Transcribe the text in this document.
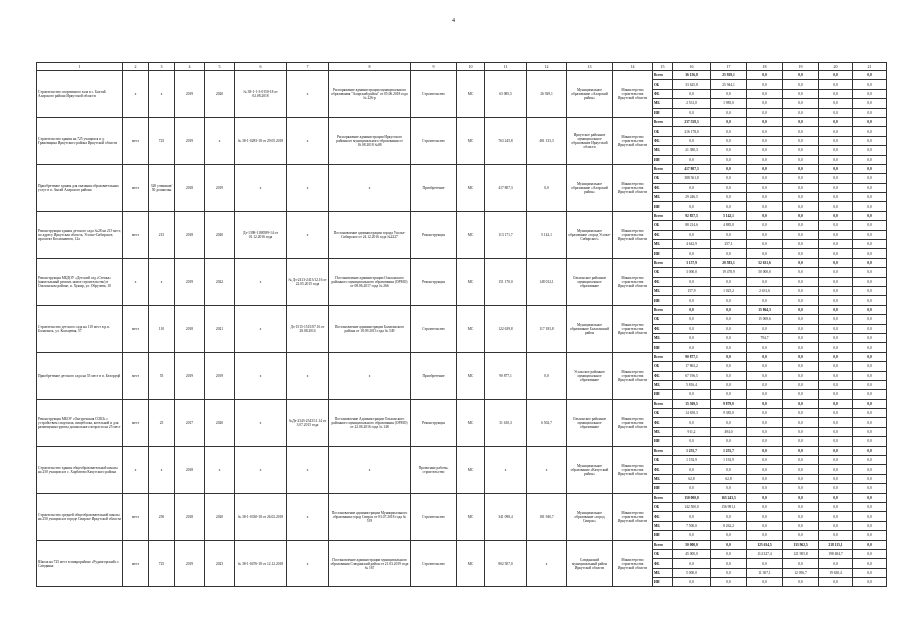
4
1	2	3	4	5	6	7	8	9	10	11	12	13	14	15	16	17	18	19	20	21
Строительство спортивного зала в с. Бахтай Аларского района Иркутской области	х	х	2019	2020	№ 38-1-1-3-0150-18 от 02.08.2018	х	Распоряжение администрации муниципального образования "Аларский район" от 05.06.2018 года № 226-р	Строительство	МС	63 085,5	26 929,1	Муниципальное образование «Аларский район»	Министерство строительства Иркутской области	Всего	36 156,8	25 929,1	0,0	0,0	0,0	0,0
														ОБ	33 625,8	25 944,1	0,0	0,0	0,0	0,0
														ФБ	0,0	0,0	0,0	0,0	0,0	0,0
														МБ	2 531,0	1 985,0	0,0	0,0	0,0	0,0
														ИИ	0,0	0,0	0,0	0,0	0,0	0,0
Строительство здания на 725 учащихся в д. Грановщина Иркутского района Иркутской области	мест	725	2019	х	№ 38-1-0283-18 от 29.05.2018	х	Распоряжение администрации Иркутского районного муниципального образования от 16.08.2018 №88	Строительство	МС	763 245,8	481 133,3	Иркутское районное муниципальное образование Иркутской области	Министерство строительства Иркутской области	Всего	237 558,3	0,0	0,0	0,0	0,0	0,0
														ОБ	216 178,0	0,0	0,0	0,0	0,0	0,0
														ФБ	0,0	0,0	0,0	0,0	0,0	0,0
														МБ	21 380,3	0,0	0,0	0,0	0,0	0,0
														ИИ	0,0	0,0	0,0	0,0	0,0	0,0
Приобретение здания для оказания образовательных услуг в п. Ангай Аларского района	мест	320 учеников/ 50 дошкольн	2018	2019	х	х	х	Приобретение	МС	417 807,3	0,0	Муниципальное образование «Аларский район»	Министерство строительства Иркутской области	Всего	417 807,3	0,0	0,0	0,0	0,0	0,0
														ОБ	388 561,8	0,0	0,0	0,0	0,0	0,0
														ФБ	0,0	0,0	0,0	0,0	0,0	0,0
														МБ	29 246,5	0,0	0,0	0,0	0,0	0,0
														ИИ	0,0	0,0	0,0	0,0	0,0	0,0
Реконструкция здания детского сада №28 на 215 мест, по адресу Иркутская область, Усолье-Сибирское, проспект Космонавтов, 12а	мест	215	2018	2020	Дз-1398-1188399-14 от 01.12.2016 года	х	Постановление администрации города Усолье-Сибирское от 24.12.2016 года №2227	Реконструкция	МС	113 171,7	5 142,1	Муниципальное образование «город Усолье-Сибирское»	Министерство строительства Иркутской области	Всего	92 857,5	5 142,1	0,0	0,0	0,0	0,0
														ОБ	88 214,6	4 885,0	0,0	0,0	0,0	0,0
														ФБ	0,0	0,0	0,0	0,0	0,0	0,0
														МБ	4 642,9	257,1	0,0	0,0	0,0	0,0
														ИИ	0,0	0,0	0,0	0,0	0,0	0,0
Реконструкция МБДОУ «Детский сад «Степка» (капитальный ремонт, новое строительство) в Ольхонском районе, п. Хужир, ул. Обручева, 10	х	х	2019	2022	х	№ Дз-2413-2413/12.16 от 22.05.2015 года	Постановление администрации Ольхонского районного муниципального образования (ОРМО) от 08.06.2017 года № 266	Реконструкция	МС	151 170,0	148 012,1	Ольхонское районное муниципальное образование	Министерство строительства Иркутской области	Всего	3 157,9	20 583,1	52 631,6	0,0	0,0	0,0
														ОБ	3 000,0	19 478,9	50 000,0	0,0	0,0	0,0
														ФБ	0,0	0,0	0,0	0,0	0,0	0,0
														МБ	157,9	1 025,2	2 631,6	0,0	0,0	0,0
														ИИ	0,0	0,0	0,0	0,0	0,0	0,0
Строительство детского сада на 110 мест в р.п. Балаганск, ул. Кольцевая, 57	мест	110	2018	2021	х	Дз-1515-1515/07.16 от 28.08.2014	Постановление администрации Балаганского района от 18.09.2013 года № 549	Строительство	МС	122 639,8	117 183,8	Муниципальное образование Балаганский район	Министерство строительства Иркутской области	Всего	0,0	0,0	15 864,3	0,0	0,0	0,0
														ОБ	0,0	0,0	15 069,6	0,0	0,0	0,0
														ФБ	0,0	0,0	0,0	0,0	0,0	0,0
														МБ	0,0	0,0	794,7	0,0	0,0	0,0
														ИИ	0,0	0,0	0,0	0,0	0,0	0,0
Приобретение детского сада на 55 мест в п. Белоруцй	мест	55	2019	2019	х	х	х	Приобретение	МС	90 877,1	0,0	Усольское районное муниципальное образование	Министерство строительства Иркутской области	Всего	90 877,1	0,0	0,0	0,0	0,0	0,0
														ОБ	17 863,2	0,0	0,0	0,0	0,0	0,0
														ФБ	67 196,5	0,0	0,0	0,0	0,0	0,0
														МБ	5 816,4	0,0	0,0	0,0	0,0	0,0
														ИИ	0,0	0,0	0,0	0,0	0,0	0,0
Реконструкция МБОУ «Онгуренская СОШ» с устройством спортзала, пищеблока, котельной и для размещения группы дошкольного возраста на 25 мест	мест	25	2017	2020	х	№Дз-2343-2343/11.14 от 3.07.2015 года	Постановление Администрации Ольхонского районного муниципального образования (ОРМО) от 22.06.2016 года № 148	Реконструкция	МС	31 610,3	6 502,7	Ольхонское районное муниципальное образование	Министерство строительства Иркутской области	Всего	15 569,5	9 879,0	0,0	0,0	0,0	0,0
														ОБ	14 658,3	9 385,0	0,0	0,0	0,0	0,0
														ФБ	0,0	0,0	0,0	0,0	0,0	0,0
														МБ	911,2	494,0	0,0	0,0	0,0	0,0
														ИИ	0,0	0,0	0,0	0,0	0,0	0,0
Строительство здания общеобразовательной школы на 250 учащихся в с. Харбатово Качугского района	х	х	2018	х	х	х	х	Проектные работы, строительство	МС	х	х	Муниципальное образование «Качугский район»	Министерство строительства Иркутской области	Всего	1 255,7	1 255,7	0,0	0,0	0,0	0,0
														ОБ	1 192,9	1 192,9	0,0	0,0	0,0	0,0
														ФБ	0,0	0,0	0,0	0,0	0,0	0,0
														МБ	62,8	62,8	0,0	0,0	0,0	0,0
														ИИ	0,0	0,0	0,0	0,0	0,0	0,0
Строительство средней общеобразовательной школы на 250 учащихся в городе Свирске Иркутской области	мест	250	2018	2020	№ 38-1-0330-18 от 26.02.2018	х	Постановление администрации Муниципального образования город Свирск от 03.07.2018 года № 519	Строительство	МС	341 098,4	181 940,7	Муниципальное образование «город Свирск»	Министерство строительства Иркутской области	Всего	150 000,0	165 243,3	0,0	0,0	0,0	0,0
														ОБ	142 500,0	156 981,1	0,0	0,0	0,0	0,0
														ФБ	0,0	0,0	0,0	0,0	0,0	0,0
														МБ	7 500,0	8 262,2	0,0	0,0	0,0	0,0
														ИИ	0,0	0,0	0,0	0,0	0,0	0,0
Школа на 725 мест в микрорайоне «Рудногорский» г. Слюдянка	мест	725	2019	2023	№ 38-1-0476-18 от 12.12.2018	х	Постановление администрации муниципального образования Слюдянский район от 21.03.2019 года № 167	Строительство	МС	802 507,0	х	Слюдянский муниципальный район Иркутской области	Министерство строительства Иркутской области	Всего	50 000,0	0,0	125 634,5	133 962,5	218 115,1	0,0
														ОБ	45 000,0	0,0	114 327,4	121 905,8	198 484,7	0,0
														ФБ	0,0	0,0	0,0	0,0	0,0	0,0
														МБ	5 000,0	0,0	11 307,1	12 056,7	19 630,4	0,0
														ИИ	0,0	0,0	0,0	0,0	0,0	0,0
